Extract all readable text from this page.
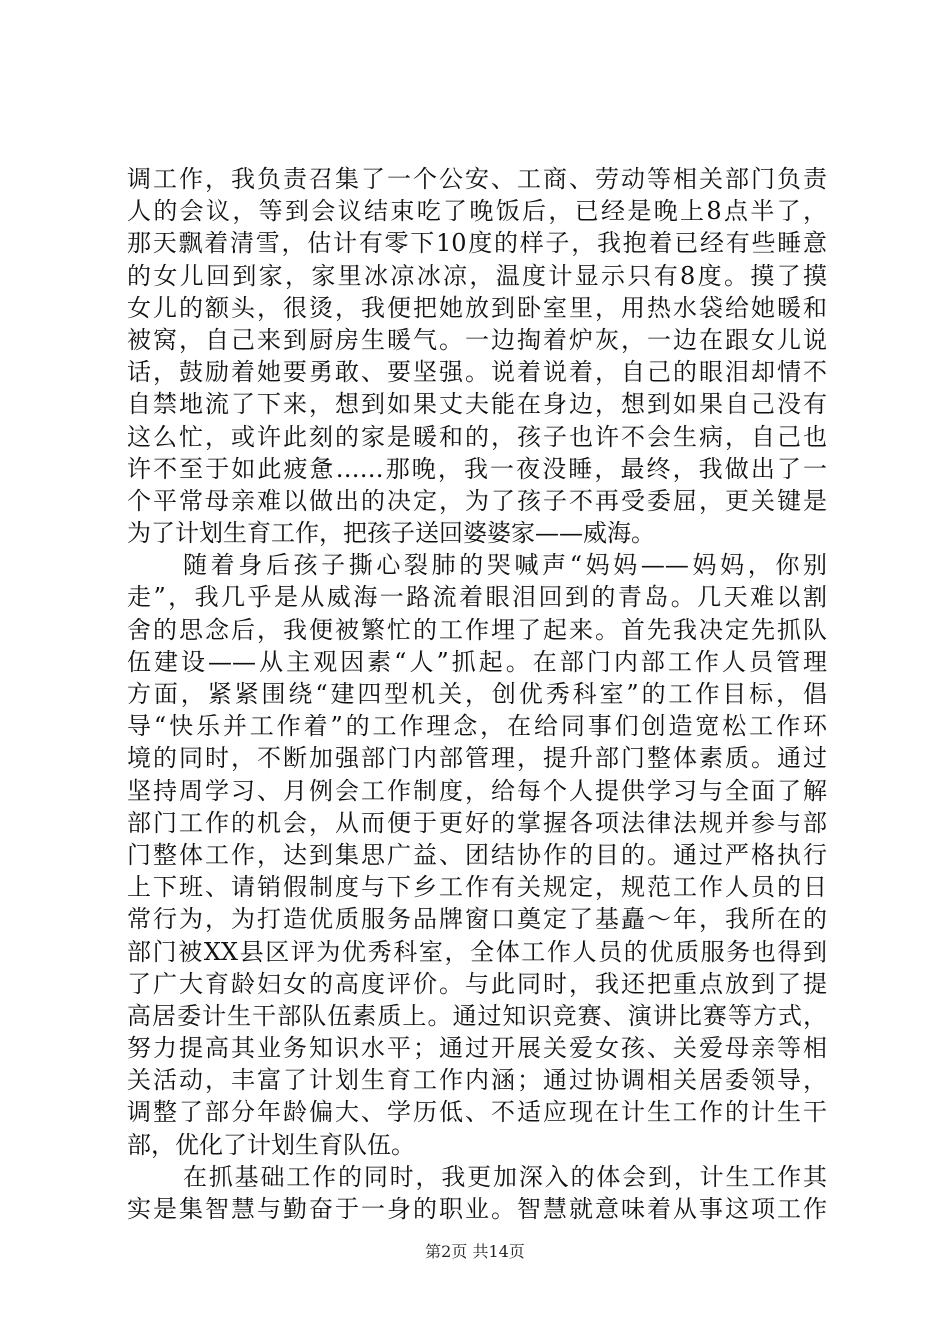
调工作，我负责召集了一个公安、工商、劳动等相关部门负责
人的会议，等到会议结束吃了晚饭后，已经是晚上8点半了，
那天飘着清雪，估计有零下10度的样子，我抱着已经有些睡意
的女儿回到家，家里冰凉冰凉，温度计显示只有8度。摸了摸
女儿的额头，很烫，我便把她放到卧室里，用热水袋给她暖和
被窝，自己来到厨房生暖气。一边掏着炉灰，一边在跟女儿说
话，鼓励着她要勇敢、要坚强。说着说着，自己的眼泪却情不
自禁地流了下来，想到如果丈夫能在身边，想到如果自己没有
这么忙，或许此刻的家是暖和的，孩子也许不会生病，自己也
许不至于如此疲惫……那晚，我一夜没睡，最终，我做出了一
个平常母亲难以做出的决定，为了孩子不再受委屈，更关键是
为了计划生育工作，把孩子送回婆婆家——威海。
随着身后孩子撕心裂肺的哭喊声“妈妈——妈妈，你别
走”，我几乎是从威海一路流着眼泪回到的青岛。几天难以割
舍的思念后，我便被繁忙的工作埋了起来。首先我决定先抓队
伍建设——从主观因素“人”抓起。在部门内部工作人员管理
方面，紧紧围绕“建四型机关，创优秀科室”的工作目标，倡
导“快乐并工作着”的工作理念，在给同事们创造宽松工作环
境的同时，不断加强部门内部管理，提升部门整体素质。通过
坚持周学习、月例会工作制度，给每个人提供学习与全面了解
部门工作的机会，从而便于更好的掌握各项法律法规并参与部
门整体工作，达到集思广益、团结协作的目的。通过严格执行
上下班、请销假制度与下乡工作有关规定，规范工作人员的日
常行为，为打造优质服务品牌窗口奠定了基矗～年，我所在的
部门被XX县区评为优秀科室，全体工作人员的优质服务也得到
了广大育龄妇女的高度评价。与此同时，我还把重点放到了提
高居委计生干部队伍素质上。通过知识竞赛、演讲比赛等方式，
努力提高其业务知识水平；通过开展关爱女孩、关爱母亲等相
关活动，丰富了计划生育工作内涵；通过协调相关居委领导，
调整了部分年龄偏大、学历低、不适应现在计生工作的计生干
部，优化了计划生育队伍。
在抓基础工作的同时，我更加深入的体会到，计生工作其
实是集智慧与勤奋于一身的职业。智慧就意味着从事这项工作
第2页 共14页
